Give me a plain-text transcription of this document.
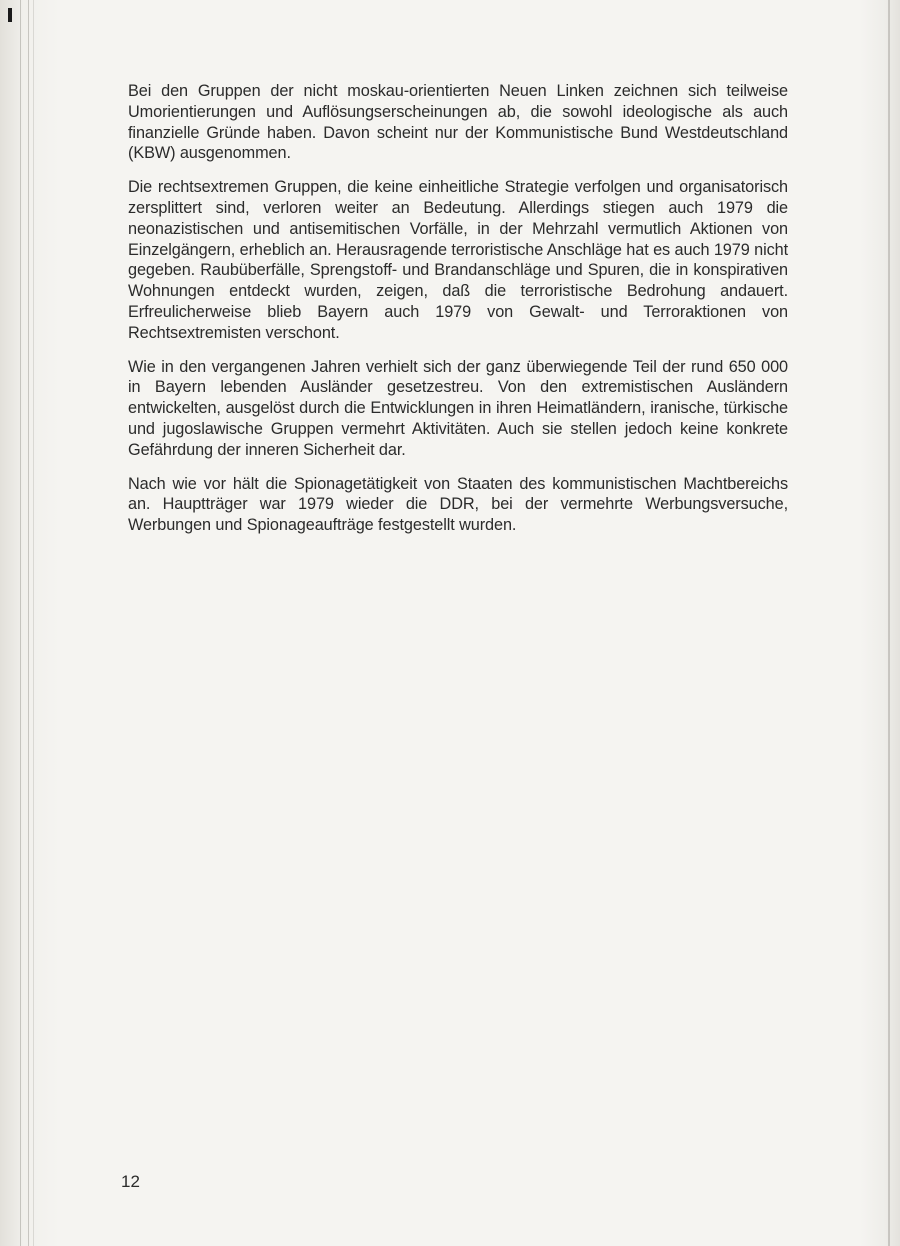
Bei den Gruppen der nicht moskau-orientierten Neuen Linken zeichnen sich teilweise Umorientierungen und Auflösungserscheinungen ab, die sowohl ideologische als auch finanzielle Gründe haben. Davon scheint nur der Kommunistische Bund Westdeutschland (KBW) ausgenommen.

Die rechtsextremen Gruppen, die keine einheitliche Strategie verfolgen und organisatorisch zersplittert sind, verloren weiter an Bedeutung. Allerdings stiegen auch 1979 die neonazistischen und antisemitischen Vorfälle, in der Mehrzahl vermutlich Aktionen von Einzelgängern, erheblich an. Herausragende terroristische Anschläge hat es auch 1979 nicht gegeben. Raubüberfälle, Sprengstoff- und Brandanschläge und Spuren, die in konspirativen Wohnungen entdeckt wurden, zeigen, daß die terroristische Bedrohung andauert. Erfreulicherweise blieb Bayern auch 1979 von Gewalt- und Terroraktionen von Rechtsextremisten verschont.

Wie in den vergangenen Jahren verhielt sich der ganz überwiegende Teil der rund 650 000 in Bayern lebenden Ausländer gesetzestreu. Von den extremistischen Ausländern entwickelten, ausgelöst durch die Entwicklungen in ihren Heimatländern, iranische, türkische und jugoslawische Gruppen vermehrt Aktivitäten. Auch sie stellen jedoch keine konkrete Gefährdung der inneren Sicherheit dar.

Nach wie vor hält die Spionagetätigkeit von Staaten des kommunistischen Machtbereichs an. Hauptträger war 1979 wieder die DDR, bei der vermehrte Werbungsversuche, Werbungen und Spionageaufträge festgestellt wurden.

12
